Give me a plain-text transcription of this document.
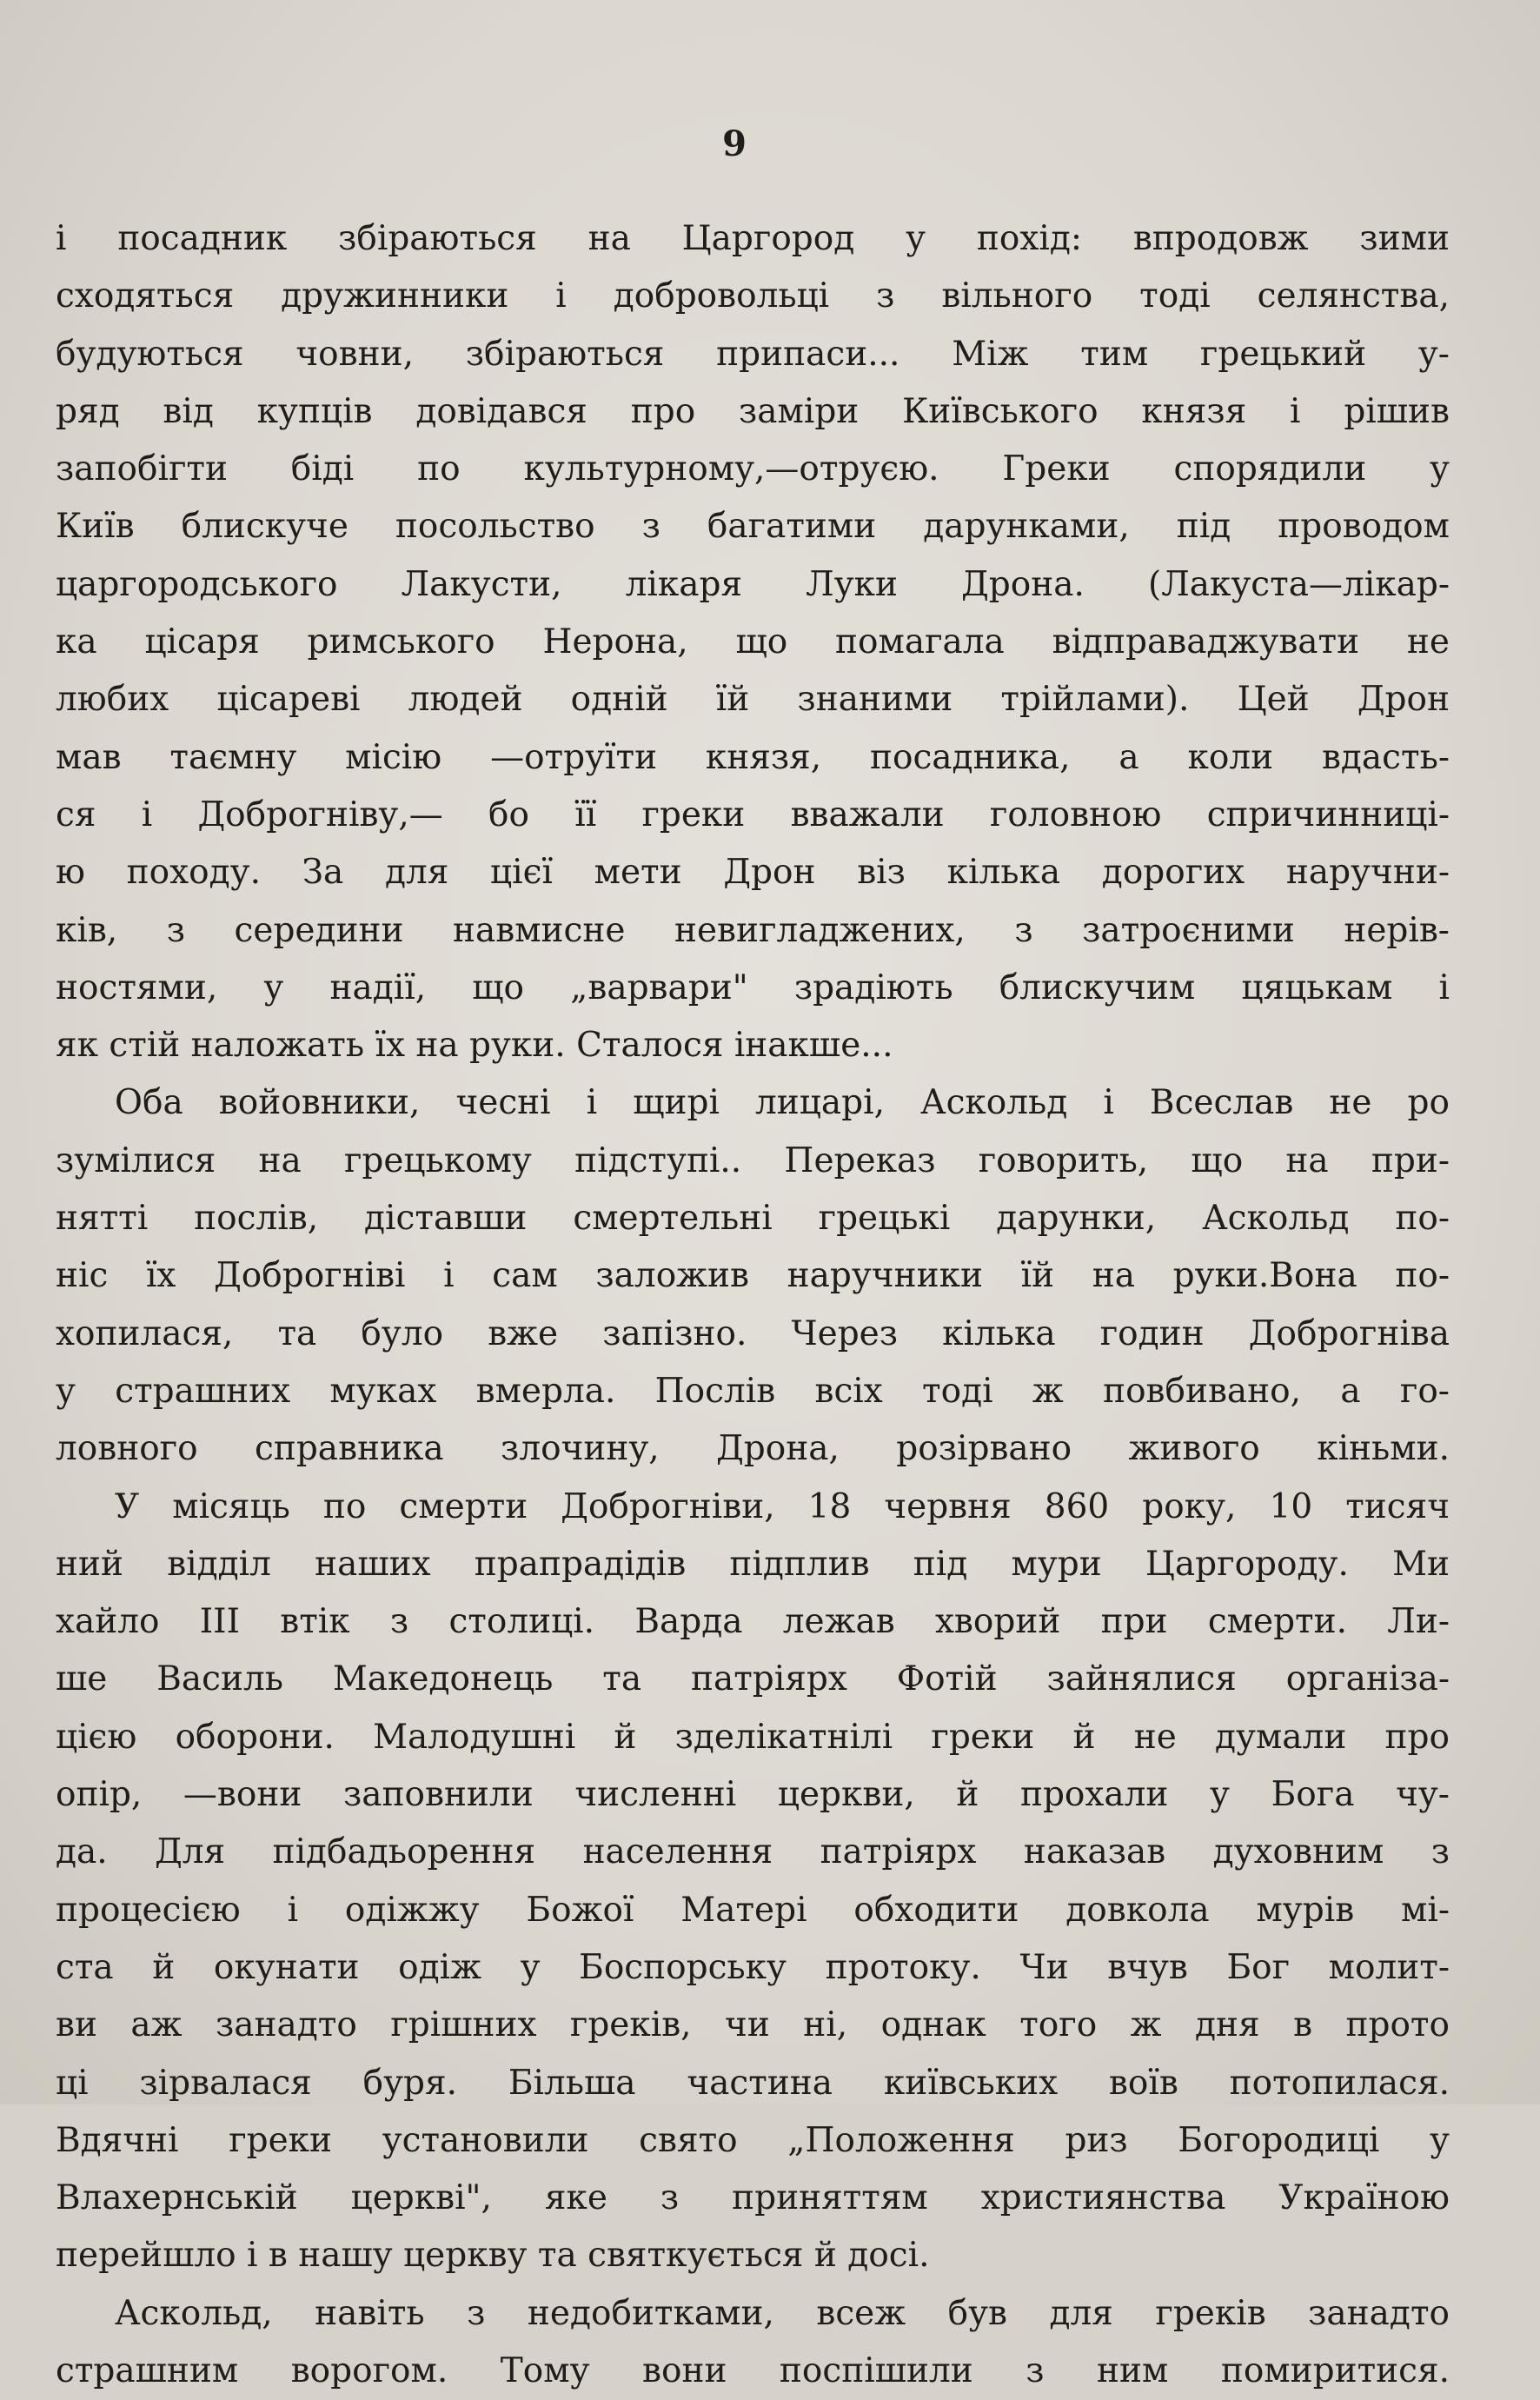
9
і посадник збіраються на Царгород у похід: впродовж зими
сходяться дружинники і добровольці з вільного тоді селянства,
будуються човни, збіраються припаси... Між тим грецький у-
ряд від купців довідався про заміри Київського князя і рішив
запобігти біді по культурному,—отруєю. Греки спорядили у
Київ блискуче посольство з багатими дарунками, під проводом
царгородського Лакусти, лікаря Луки Дрона. (Лакуста—лікар-
ка цісаря римського Нерона, що помагала відправаджувати не
любих цісареві людей одній їй знаними трійлами). Цей Дрон
мав таємну місію —отруїти князя, посадника, а коли вдасть-
ся і Доброгніву,— бо її греки вважали головною спричинниці-
ю походу. За для цієї мети Дрон віз кілька дорогих наручни-
ків, з середини навмисне невигладжених, з затроєними нерів-
ностями, у надії, що „варвари" зрадіють блискучим цяцькам і
як стій наложать їх на руки. Сталося інакше...
Оба войовники, чесні і щирі лицарі, Аскольд і Всеслав не ро
зумілися на грецькому підступі.. Переказ говорить, що на при-
нятті послів, діставши смертельні грецькі дарунки, Аскольд по-
ніс їх Доброгніві і сам заложив наручники їй на руки.Вона по-
хопилася, та було вже запізно. Через кілька годин Доброгніва
у страшних муках вмерла. Послів всіх тоді ж повбивано, а го-
ловного справника злочину, Дрона, розірвано живого кіньми.
У місяць по смерти Доброгніви, 18 червня 860 року, 10 тисяч
ний відділ наших прапрадідів підплив під мури Царгороду. Ми
хайло ІІІ втік з столиці. Варда лежав хворий при смерти. Ли-
ше Василь Македонець та патріярх Фотій зайнялися організа-
цією оборони. Малодушні й зделікатнілі греки й не думали про
опір, —вони заповнили численні церкви, й прохали у Бога чу-
да. Для підбадьорення населення патріярх наказав духовним з
процесією і одіжжу Божої Матері обходити довкола мурів мі-
ста й окунати одіж у Боспорську протоку. Чи вчув Бог молит-
ви аж занадто грішних греків, чи ні, однак того ж дня в прото
ці зірвалася буря. Більша частина київських воїв потопилася.
Вдячні греки установили свято „Положення риз Богородиці у
Влахернській церкві", яке з приняттям християнства Україною
перейшло і в нашу церкву та святкується й досі.
Аскольд, навіть з недобитками, всеж був для греків занадто
страшним ворогом. Тому вони поспішили з ним помиритися.
